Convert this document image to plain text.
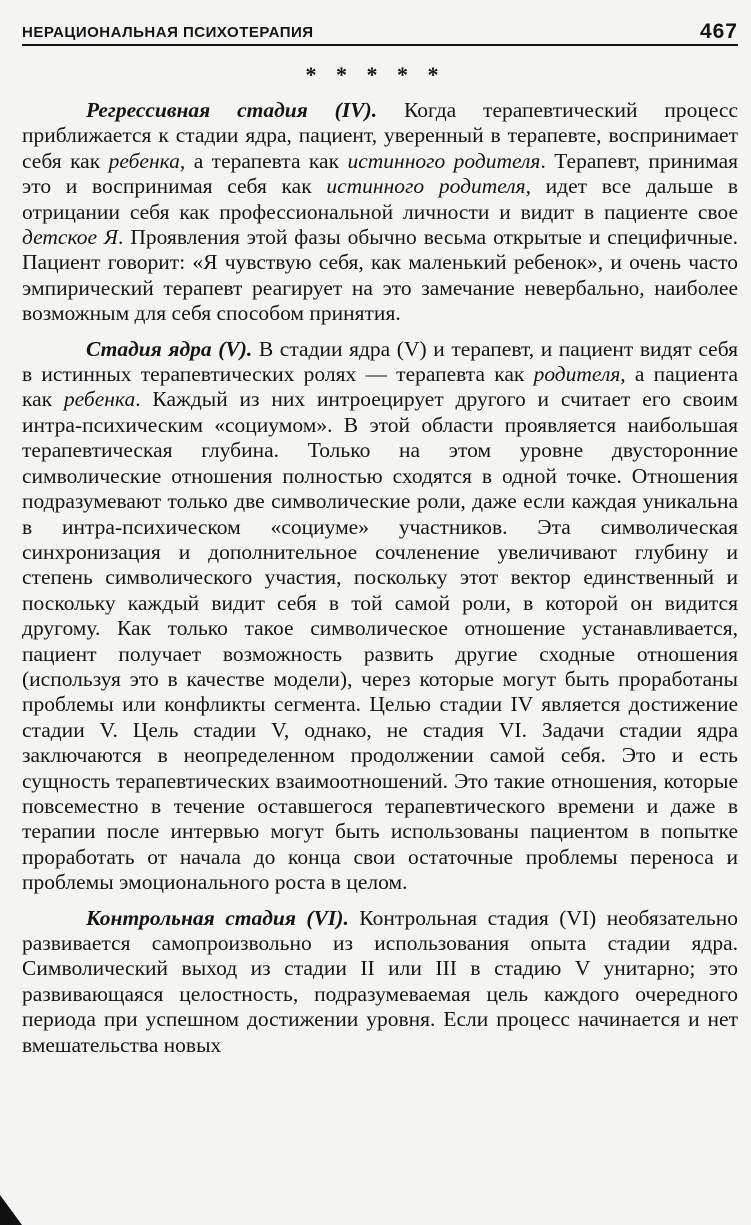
НЕРАЦИОНАЛЬНАЯ ПСИХОТЕРАПИЯ	467
* * * * *

Регрессивная стадия (IV). Когда терапевтический процесс приближается к стадии ядра, пациент, уверенный в терапевте, воспринимает себя как ребенка, а терапевта как истинного родителя. Терапевт, принимая это и воспринимая себя как истинного родителя, идет все дальше в отрицании себя как профессиональной личности и видит в пациенте свое детское Я. Проявления этой фазы обычно весьма открытые и специфичные. Пациент говорит: «Я чувствую себя, как маленький ребенок», и очень часто эмпирический терапевт реагирует на это замечание невербально, наиболее возможным для себя способом принятия.

Стадия ядра (V). В стадии ядра (V) и терапевт, и пациент видят себя в истинных терапевтических ролях — терапевта как родителя, а пациента как ребенка. Каждый из них интроецирует другого и считает его своим интра-психическим «социумом». В этой области проявляется наибольшая терапевтическая глубина. Только на этом уровне двусторонние символические отношения полностью сходятся в одной точке. Отношения подразумевают только две символические роли, даже если каждая уникальна в интра-психическом «социуме» участников. Эта символическая синхронизация и дополнительное сочленение увеличивают глубину и степень символического участия, поскольку этот вектор единственный и поскольку каждый видит себя в той самой роли, в которой он видится другому. Как только такое символическое отношение устанавливается, пациент получает возможность развить другие сходные отношения (используя это в качестве модели), через которые могут быть проработаны проблемы или конфликты сегмента. Целью стадии IV является достижение стадии V. Цель стадии V, однако, не стадия VI. Задачи стадии ядра заключаются в неопределенном продолжении самой себя. Это и есть сущность терапевтических взаимоотношений. Это такие отношения, которые повсеместно в течение оставшегося терапевтического времени и даже в терапии после интервью могут быть использованы пациентом в попытке проработать от начала до конца свои остаточные проблемы переноса и проблемы эмоционального роста в целом.

Контрольная стадия (VI). Контрольная стадия (VI) необязательно развивается самопроизвольно из использования опыта стадии ядра. Символический выход из стадии II или III в стадию V унитарно; это развивающаяся целостность, подразумеваемая цель каждого очередного периода при успешном достижении уровня. Если процесс начинается и нет вмешательства новых
